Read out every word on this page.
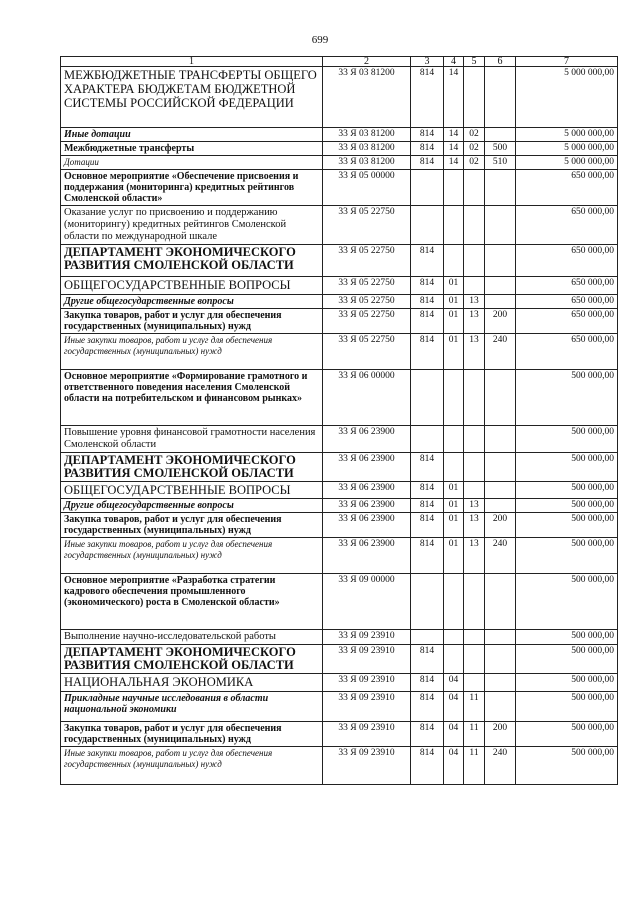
699
1	2	3	4	5	6	7
МЕЖБЮДЖЕТНЫЕ ТРАНСФЕРТЫ ОБЩЕГО ХАРАКТЕРА БЮДЖЕТАМ БЮДЖЕТНОЙ СИСТЕМЫ РОССИЙСКОЙ ФЕДЕРАЦИИ	33 Я 03 81200	814	14			5 000 000,00
Иные дотации	33 Я 03 81200	814	14	02		5 000 000,00
Межбюджетные трансферты	33 Я 03 81200	814	14	02	500	5 000 000,00
Дотации	33 Я 03 81200	814	14	02	510	5 000 000,00
Основное мероприятие «Обеспечение присвоения и поддержания (мониторинга) кредитных рейтингов Смоленской области»	33 Я 05 00000					650 000,00
Оказание услуг по присвоению и поддержанию (мониторингу) кредитных рейтингов Смоленской области по международной шкале	33 Я 05 22750					650 000,00
ДЕПАРТАМЕНТ ЭКОНОМИЧЕСКОГО РАЗВИТИЯ СМОЛЕНСКОЙ ОБЛАСТИ	33 Я 05 22750	814				650 000,00
ОБЩЕГОСУДАРСТВЕННЫЕ ВОПРОСЫ	33 Я 05 22750	814	01			650 000,00
Другие общегосударственные вопросы	33 Я 05 22750	814	01	13		650 000,00
Закупка товаров, работ и услуг для обеспечения государственных (муниципальных) нужд	33 Я 05 22750	814	01	13	200	650 000,00
Иные закупки товаров, работ и услуг для обеспечения государственных (муниципальных) нужд	33 Я 05 22750	814	01	13	240	650 000,00
Основное мероприятие «Формирование грамотного и ответственного поведения населения Смоленской области на потребительском и финансовом рынках»	33 Я 06 00000					500 000,00
Повышение уровня финансовой грамотности населения Смоленской области	33 Я 06 23900					500 000,00
ДЕПАРТАМЕНТ ЭКОНОМИЧЕСКОГО РАЗВИТИЯ СМОЛЕНСКОЙ ОБЛАСТИ	33 Я 06 23900	814				500 000,00
ОБЩЕГОСУДАРСТВЕННЫЕ ВОПРОСЫ	33 Я 06 23900	814	01			500 000,00
Другие общегосударственные вопросы	33 Я 06 23900	814	01	13		500 000,00
Закупка товаров, работ и услуг для обеспечения государственных (муниципальных) нужд	33 Я 06 23900	814	01	13	200	500 000,00
Иные закупки товаров, работ и услуг для обеспечения государственных (муниципальных) нужд	33 Я 06 23900	814	01	13	240	500 000,00
Основное мероприятие «Разработка стратегии кадрового обеспечения промышленного (экономического) роста в Смоленской области»	33 Я 09 00000					500 000,00
Выполнение научно-исследовательской работы	33 Я 09 23910					500 000,00
ДЕПАРТАМЕНТ ЭКОНОМИЧЕСКОГО РАЗВИТИЯ СМОЛЕНСКОЙ ОБЛАСТИ	33 Я 09 23910	814				500 000,00
НАЦИОНАЛЬНАЯ ЭКОНОМИКА	33 Я 09 23910	814	04			500 000,00
Прикладные научные исследования в области национальной экономики	33 Я 09 23910	814	04	11		500 000,00
Закупка товаров, работ и услуг для обеспечения государственных (муниципальных) нужд	33 Я 09 23910	814	04	11	200	500 000,00
Иные закупки товаров, работ и услуг для обеспечения государственных (муниципальных) нужд	33 Я 09 23910	814	04	11	240	500 000,00
